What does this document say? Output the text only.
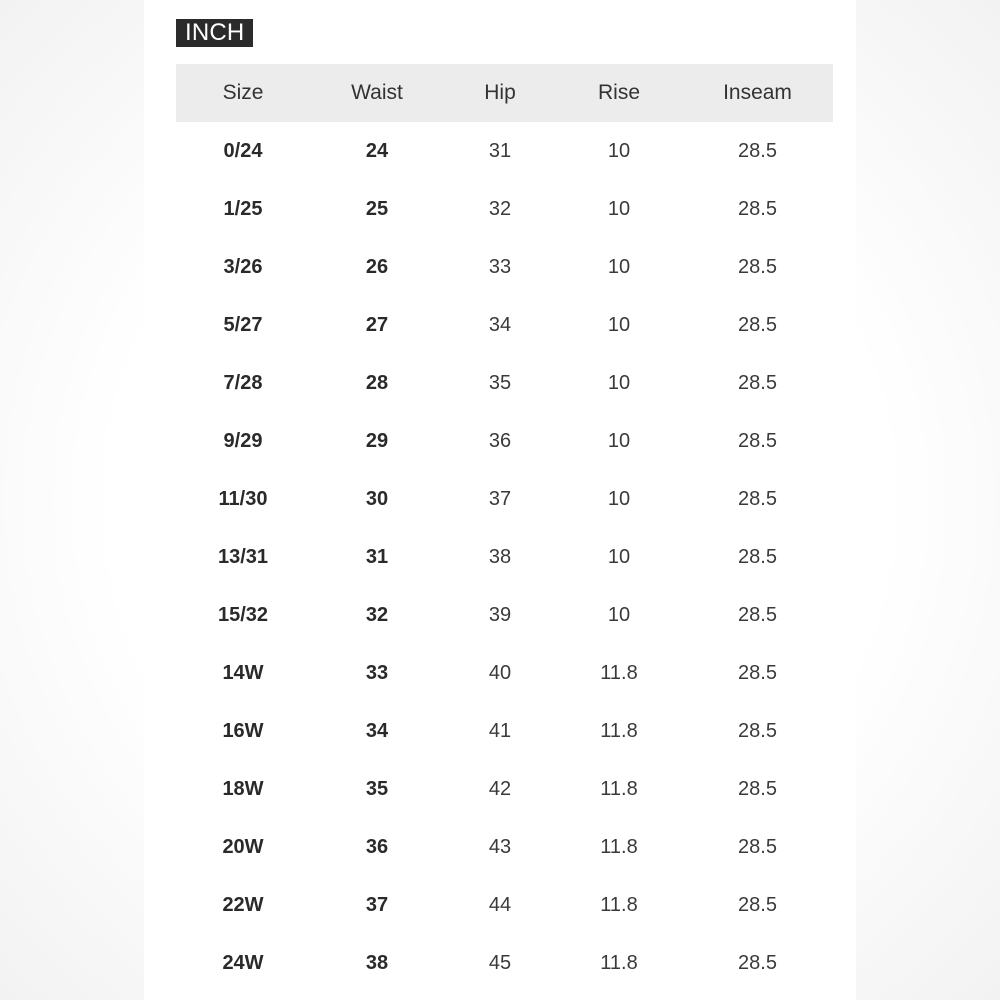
INCH
Size	Waist	Hip	Rise	Inseam
0/24	24	31	10	28.5
1/25	25	32	10	28.5
3/26	26	33	10	28.5
5/27	27	34	10	28.5
7/28	28	35	10	28.5
9/29	29	36	10	28.5
11/30	30	37	10	28.5
13/31	31	38	10	28.5
15/32	32	39	10	28.5
14W	33	40	11.8	28.5
16W	34	41	11.8	28.5
18W	35	42	11.8	28.5
20W	36	43	11.8	28.5
22W	37	44	11.8	28.5
24W	38	45	11.8	28.5
